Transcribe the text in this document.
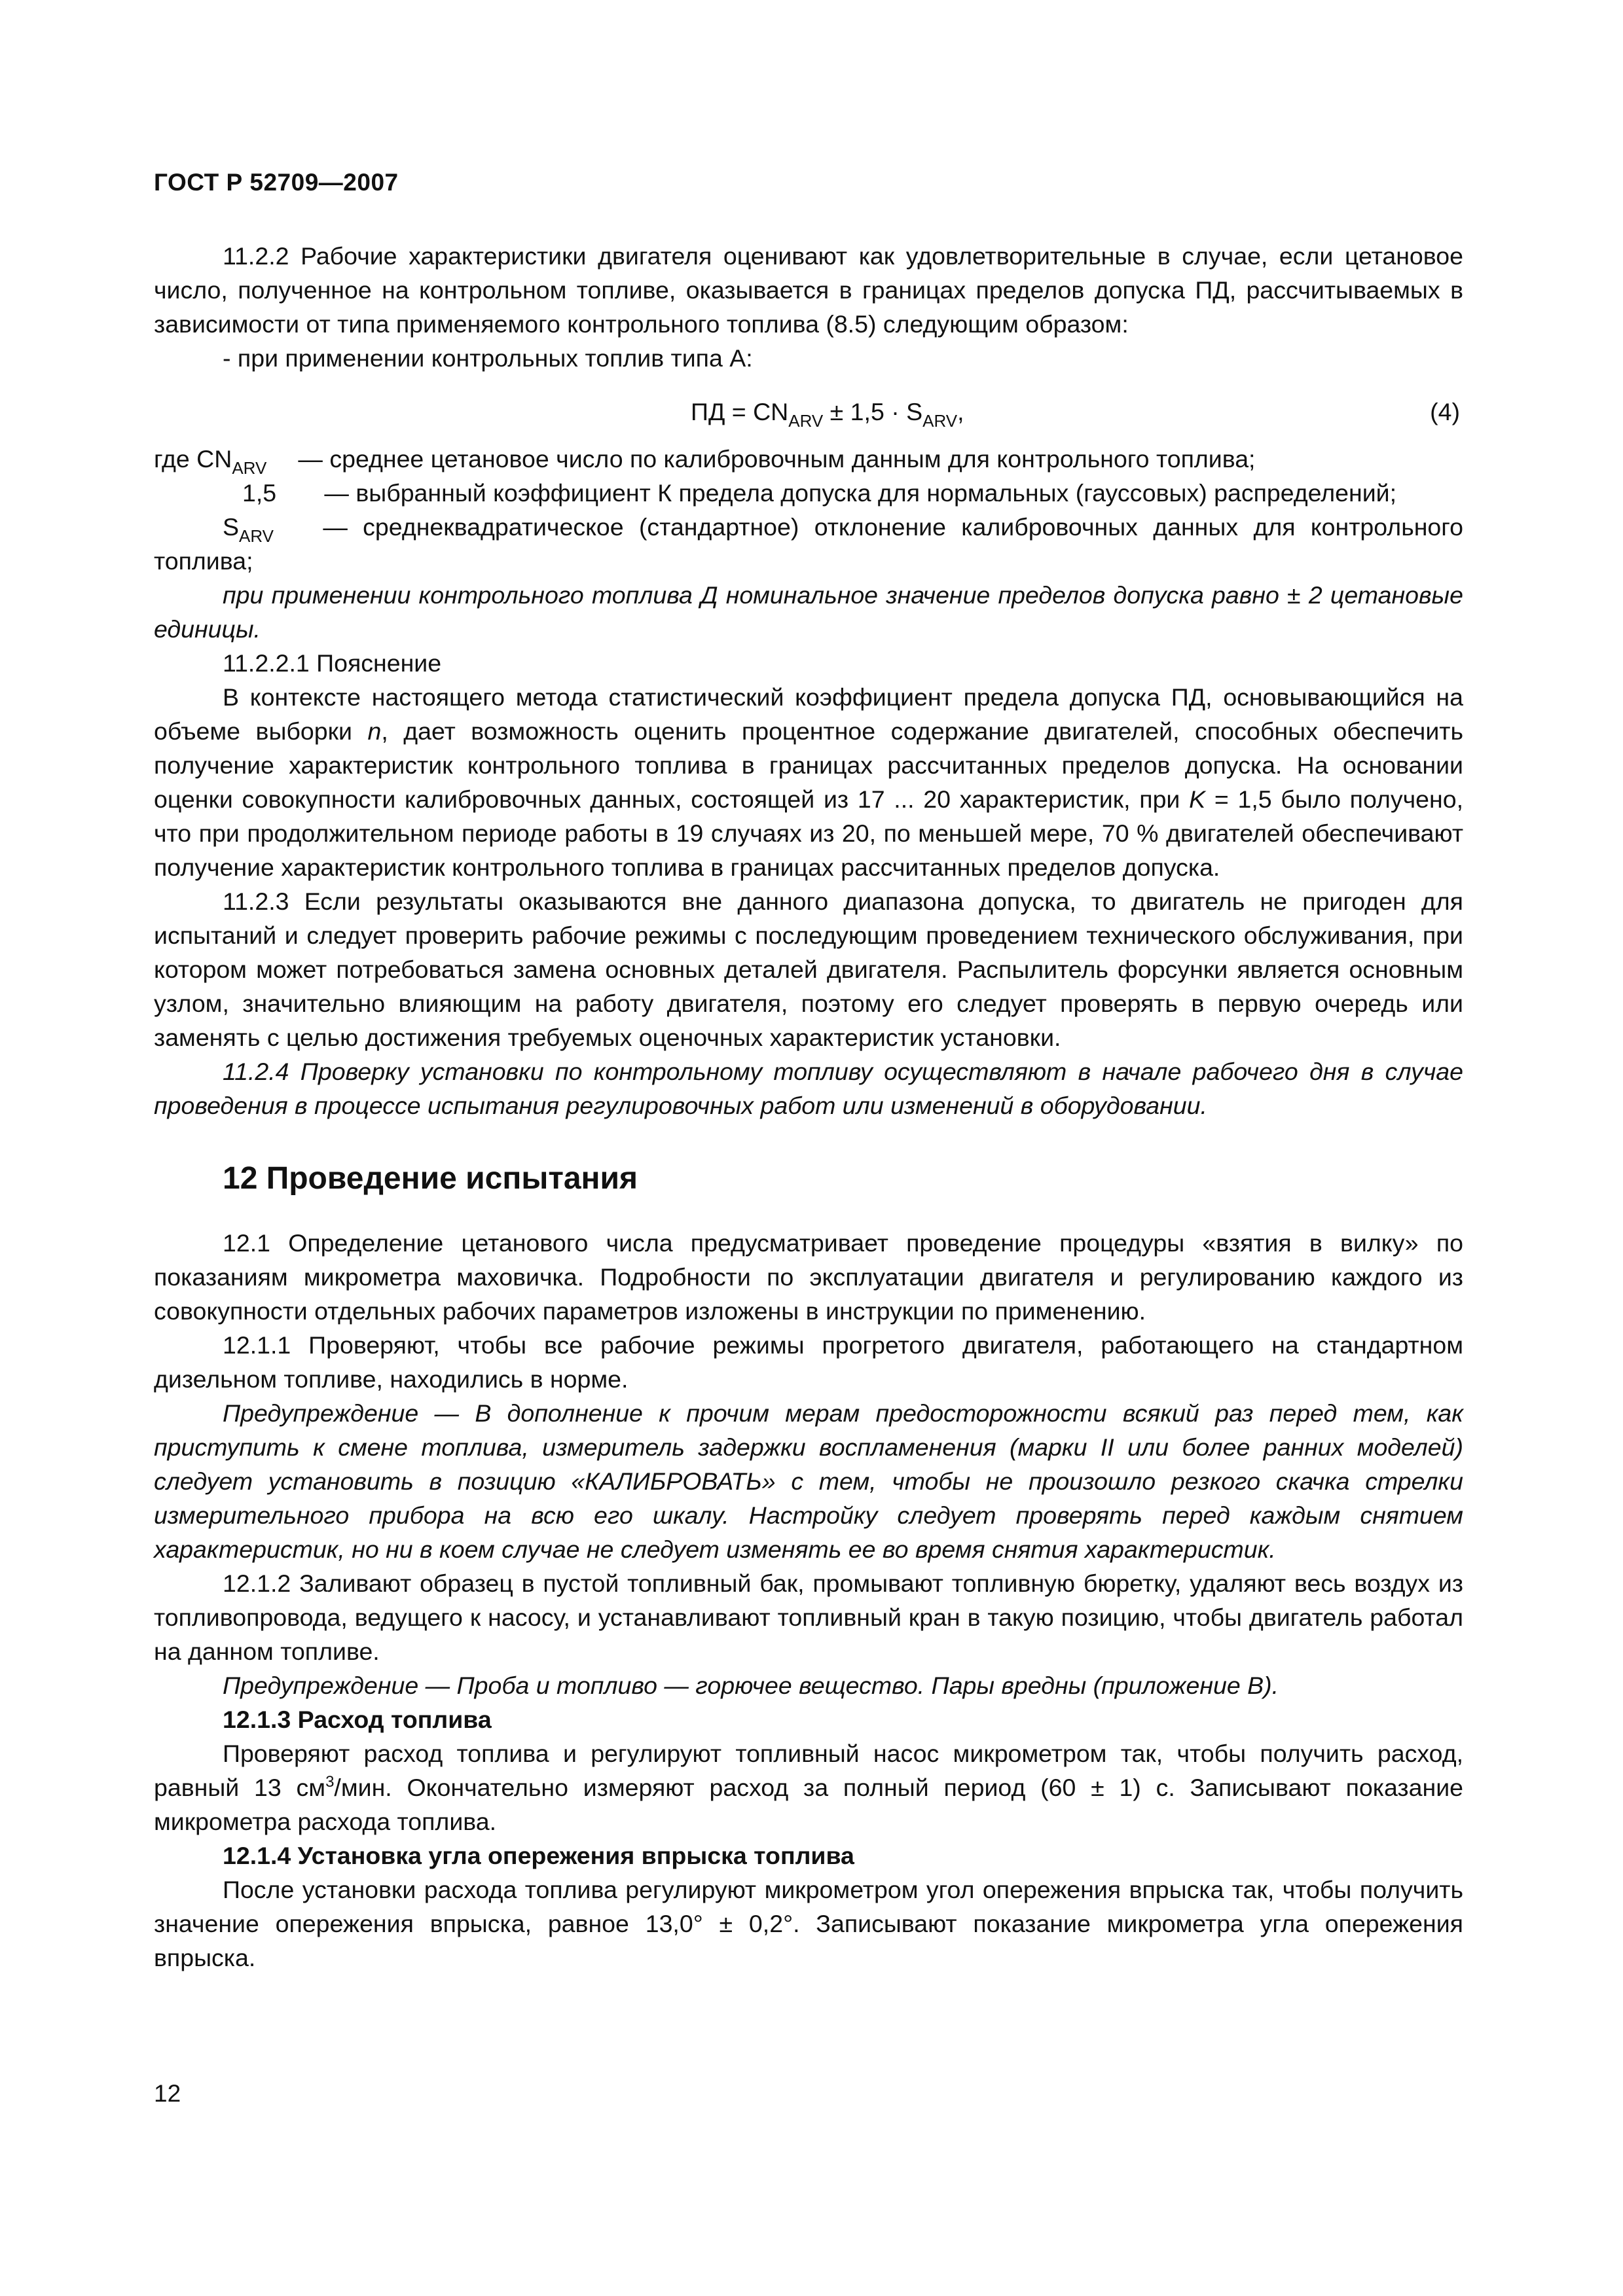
ГОСТ Р 52709—2007

11.2.2 Рабочие характеристики двигателя оценивают как удовлетворительные в случае, если цетановое число, полученное на контрольном топливе, оказывается в границах пределов допуска ПД, рассчитываемых в зависимости от типа применяемого контрольного топлива (8.5) следующим образом:

- при применении контрольных топлив типа А:

ПД = $CN_{ARV} \pm 1,5 \cdot S_{ARV}$,	(4)

где $CN_{ARV}$ — среднее цетановое число по калибровочным данным для контрольного топлива;

1,5 — выбранный коэффициент К предела допуска для нормальных (гауссовых) распределений;

$S_{ARV}$ — среднеквадратическое (стандартное) отклонение калибровочных данных для контрольного топлива;

при применении контрольного топлива Д номинальное значение пределов допуска равно ± 2 цетановые единицы.

11.2.2.1 Пояснение

В контексте настоящего метода статистический коэффициент предела допуска ПД, основывающийся на объеме выборки n, дает возможность оценить процентное содержание двигателей, способных обеспечить получение характеристик контрольного топлива в границах рассчитанных пределов допуска. На основании оценки совокупности калибровочных данных, состоящей из 17 ... 20 характеристик, при K = 1,5 было получено, что при продолжительном периоде работы в 19 случаях из 20, по меньшей мере, 70 % двигателей обеспечивают получение характеристик контрольного топлива в границах рассчитанных пределов допуска.

11.2.3 Если результаты оказываются вне данного диапазона допуска, то двигатель не пригоден для испытаний и следует проверить рабочие режимы с последующим проведением технического обслуживания, при котором может потребоваться замена основных деталей двигателя. Распылитель форсунки является основным узлом, значительно влияющим на работу двигателя, поэтому его следует проверять в первую очередь или заменять с целью достижения требуемых оценочных характеристик установки.

11.2.4 Проверку установки по контрольному топливу осуществляют в начале рабочего дня в случае проведения в процессе испытания регулировочных работ или изменений в оборудовании.

12 Проведение испытания

12.1 Определение цетанового числа предусматривает проведение процедуры «взятия в вилку» по показаниям микрометра маховичка. Подробности по эксплуатации двигателя и регулированию каждого из совокупности отдельных рабочих параметров изложены в инструкции по применению.

12.1.1 Проверяют, чтобы все рабочие режимы прогретого двигателя, работающего на стандартном дизельном топливе, находились в норме.

Предупреждение — В дополнение к прочим мерам предосторожности всякий раз перед тем, как приступить к смене топлива, измеритель задержки воспламенения (марки II или более ранних моделей) следует установить в позицию «КАЛИБРОВАТЬ» с тем, чтобы не произошло резкого скачка стрелки измерительного прибора на всю его шкалу. Настройку следует проверять перед каждым снятием характеристик, но ни в коем случае не следует изменять ее во время снятия характеристик.

12.1.2 Заливают образец в пустой топливный бак, промывают топливную бюретку, удаляют весь воздух из топливопровода, ведущего к насосу, и устанавливают топливный кран в такую позицию, чтобы двигатель работал на данном топливе.

Предупреждение — Проба и топливо — горючее вещество. Пары вредны (приложение В).

12.1.3 Расход топлива

Проверяют расход топлива и регулируют топливный насос микрометром так, чтобы получить расход, равный 13 $см^3$/мин. Окончательно измеряют расход за полный период (60 ± 1) с. Записывают показание микрометра расхода топлива.

12.1.4 Установка угла опережения впрыска топлива

После установки расхода топлива регулируют микрометром угол опережения впрыска так, чтобы получить значение опережения впрыска, равное 13,0° ± 0,2°. Записывают показание микрометра угла опережения впрыска.

12
